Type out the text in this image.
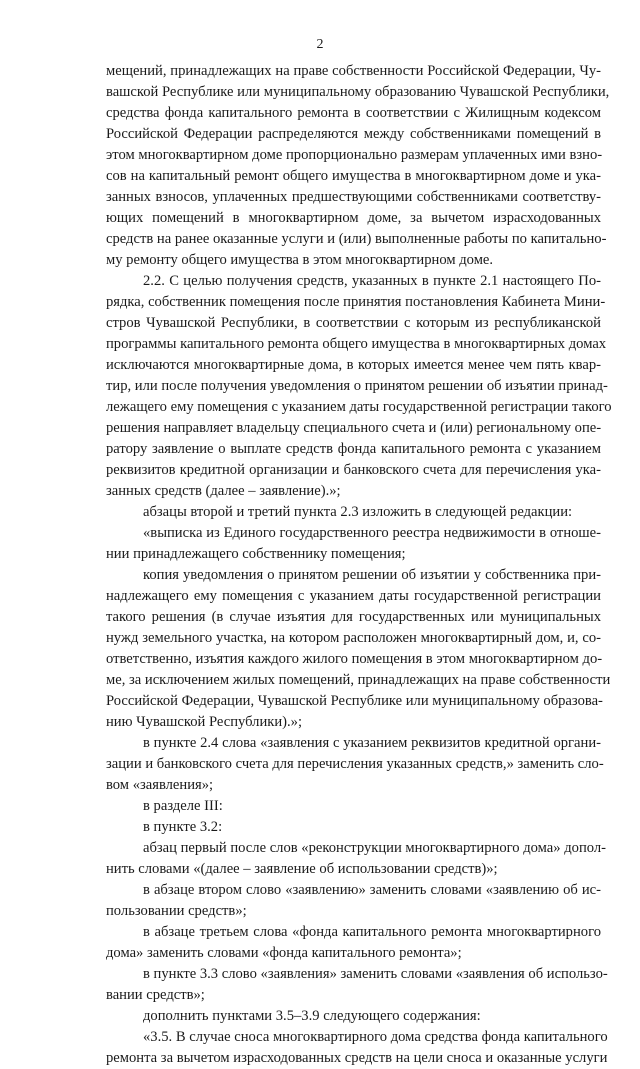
2
мещений, принадлежащих на праве собственности Российской Федерации, Чу-
вашской Республике или муниципальному образованию Чувашской Республики,
средства фонда капитального ремонта в соответствии с Жилищным кодексом
Российской Федерации распределяются между собственниками помещений в
этом многоквартирном доме пропорционально размерам уплаченных ими взно-
сов на капитальный ремонт общего имущества в многоквартирном доме и ука-
занных взносов, уплаченных предшествующими собственниками соответству-
ющих помещений в многоквартирном доме, за вычетом израсходованных
средств на ранее оказанные услуги и (или) выполненные работы по капитально-
му ремонту общего имущества в этом многоквартирном доме.
2.2. С целью получения средств, указанных в пункте 2.1 настоящего По-
рядка, собственник помещения после принятия постановления Кабинета Мини-
стров Чувашской Республики, в соответствии с которым из республиканской
программы капитального ремонта общего имущества в многоквартирных домах
исключаются многоквартирные дома, в которых имеется менее чем пять квар-
тир, или после получения уведомления о принятом решении об изъятии принад-
лежащего ему помещения с указанием даты государственной регистрации такого
решения направляет владельцу специального счета и (или) региональному опе-
ратору заявление о выплате средств фонда капитального ремонта с указанием
реквизитов кредитной организации и банковского счета для перечисления ука-
занных средств (далее – заявление).»;
абзацы второй и третий пункта 2.3 изложить в следующей редакции:
«выписка из Единого государственного реестра недвижимости в отноше-
нии принадлежащего собственнику помещения;
копия уведомления о принятом решении об изъятии у собственника при-
надлежащего ему помещения с указанием даты государственной регистрации
такого решения (в случае изъятия для государственных или муниципальных
нужд земельного участка, на котором расположен многоквартирный дом, и, со-
ответственно, изъятия каждого жилого помещения в этом многоквартирном до-
ме, за исключением жилых помещений, принадлежащих на праве собственности
Российской Федерации, Чувашской Республике или муниципальному образова-
нию Чувашской Республики).»;
в пункте 2.4 слова «заявления с указанием реквизитов кредитной органи-
зации и банковского счета для перечисления указанных средств,» заменить сло-
вом «заявления»;
в разделе III:
в пункте 3.2:
абзац первый после слов «реконструкции многоквартирного дома» допол-
нить словами «(далее – заявление об использовании средств)»;
в абзаце втором слово «заявлению» заменить словами «заявлению об ис-
пользовании средств»;
в абзаце третьем слова «фонда капитального ремонта многоквартирного
дома» заменить словами «фонда капитального ремонта»;
в пункте 3.3 слово «заявления» заменить словами «заявления об использо-
вании средств»;
дополнить пунктами 3.5–3.9 следующего содержания:
«3.5. В случае сноса многоквартирного дома средства фонда капитального
ремонта за вычетом израсходованных средств на цели сноса и оказанные услуги
